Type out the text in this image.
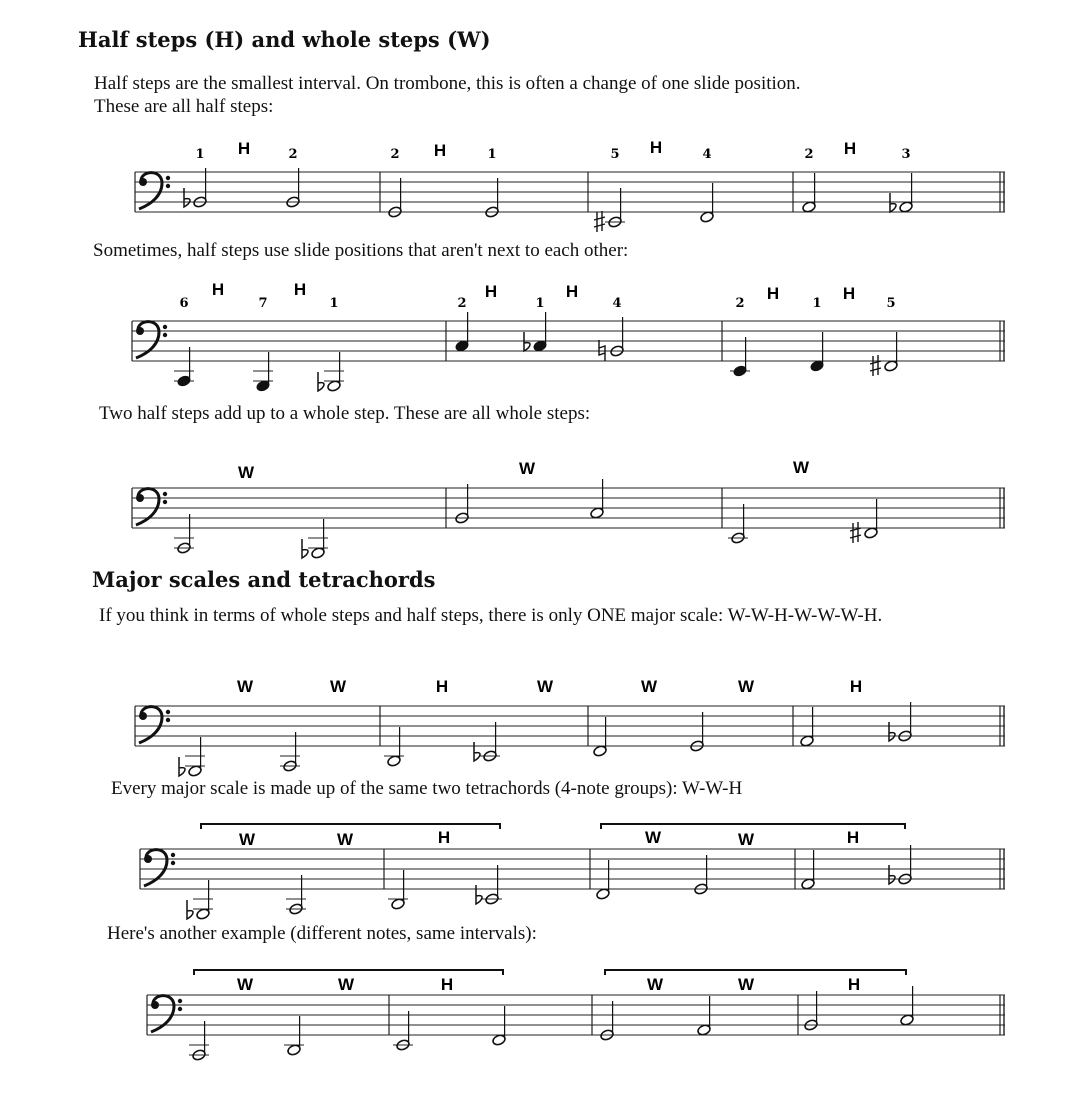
Half steps (H) and whole steps (W)

Half steps are the smallest interval. On trombone, this is often a change of one slide position.

These are all half steps:

1	2	2	1	5	4	2	3
H	H	H	H

Sometimes, half steps use slide positions that aren't next to each other:

6	7	1	2	1	4	2	1	5
H	H	H	H	H	H

Two half steps add up to a whole step. These are all whole steps:

W	W	W
Major scales and tetrachords

If you think in terms of whole steps and half steps, there is only ONE major scale: W-W-H-W-W-W-H.

W	W	H	W	W	W	H

Every major scale is made up of the same two tetrachords (4-note groups): W-W-H

W	W	H	W	W	H

Here's another example (different notes, same intervals):

W	W	H	W	W	H
